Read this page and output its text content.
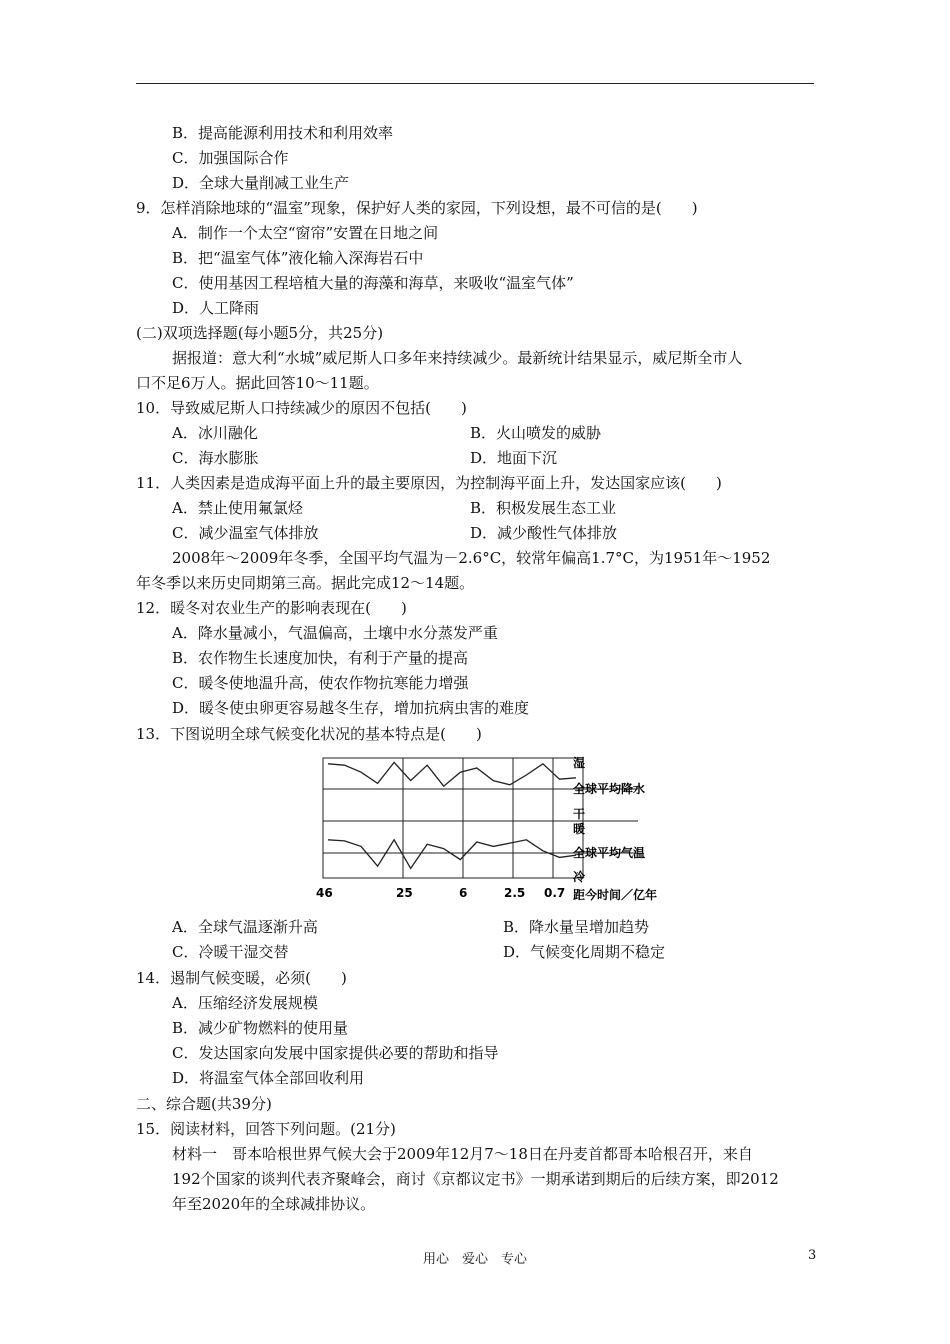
B．提高能源利用技术和利用效率
C．加强国际合作
D．全球大量削减工业生产
9．怎样消除地球的“温室”现象，保护好人类的家园，下列设想，最不可信的是(　　)
A．制作一个太空“窗帘”安置在日地之间
B．把“温室气体”液化输入深海岩石中
C．使用基因工程培植大量的海藻和海草，来吸收“温室气体”
D．人工降雨
(二)双项选择题(每小题5分，共25分)
据报道：意大利“水城”威尼斯人口多年来持续减少。最新统计结果显示，威尼斯全市人
口不足6万人。据此回答10～11题。
10．导致威尼斯人口持续减少的原因不包括(　　)
A．冰川融化	B．火山喷发的威胁
C．海水膨胀	D．地面下沉
11．人类因素是造成海平面上升的最主要原因，为控制海平面上升，发达国家应该(　　)
A．禁止使用氟氯烃	B．积极发展生态工业
C．减少温室气体排放	D．减少酸性气体排放
2008年～2009年冬季，全国平均气温为－2.6°C，较常年偏高1.7°C，为1951年～1952
年冬季以来历史同期第三高。据此完成12～14题。
12．暖冬对农业生产的影响表现在(　　)
A．降水量减小，气温偏高，土壤中水分蒸发严重
B．农作物生长速度加快，有利于产量的提高
C．暖冬使地温升高，使农作物抗寒能力增强
D．暖冬使虫卵更容易越冬生存，增加抗病虫害的难度
13．下图说明全球气候变化状况的基本特点是(　　)
湿
全球平均降水
干
暖
全球平均气温
冷
46	25	6	2.5 0.7 距今时间／亿年
A．全球气温逐渐升高	B．降水量呈增加趋势
C．冷暖干湿交替	D．气候变化周期不稳定
14．遏制气候变暖，必须(　　)
A．压缩经济发展规模
B．减少矿物燃料的使用量
C．发达国家向发展中国家提供必要的帮助和指导
D．将温室气体全部回收利用
二、综合题(共39分)
15．阅读材料，回答下列问题。(21分)
材料一　哥本哈根世界气候大会于2009年12月7～18日在丹麦首都哥本哈根召开，来自
192个国家的谈判代表齐聚峰会，商讨《京都议定书》一期承诺到期后的后续方案，即2012
年至2020年的全球减排协议。
用心　爱心　专心	3
